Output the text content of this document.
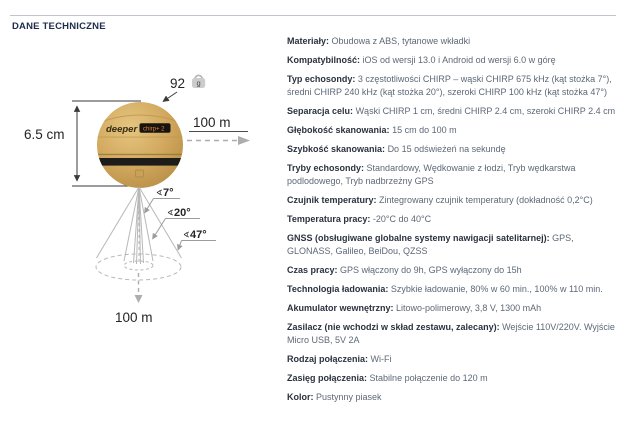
DANE TECHNICZNE
6.5 cm
92 g
deeper chirp+ 2 100 m
100 m
∢ 7°
∢ 20°
∢ 47°

Materiały: Obudowa z ABS, tytanowe wkładki

Kompatybilność: iOS od wersji 13.0 i Android od wersji 6.0 w górę

Typ echosondy: 3 częstotliwości CHIRP – wąski CHIRP 675 kHz (kąt stożka 7°), średni CHIRP 240 kHz (kąt stożka 20°), szeroki CHIRP 100 kHz (kąt stożka 47°)

Separacja celu: Wąski CHIRP 1 cm, średni CHIRP 2.4 cm, szeroki CHIRP 2.4 cm

Głębokość skanowania: 15 cm do 100 m

Szybkość skanowania: Do 15 odświeżeń na sekundę

Tryby echosondy: Standardowy, Wędkowanie z łodzi, Tryb wędkarstwa podlodowego, Tryb nadbrzeżny GPS

Czujnik temperatury: Zintegrowany czujnik temperatury (dokładność 0,2°C)

Temperatura pracy: -20°C do 40°C

GNSS (obsługiwane globalne systemy nawigacji satelitarnej): GPS, GLONASS, Galileo, BeiDou, QZSS

Czas pracy: GPS włączony do 9h, GPS wyłączony do 15h

Technologia ładowania: Szybkie ładowanie, 80% w 60 min., 100% w 110 min.

Akumulator wewnętrzny: Litowo-polimerowy, 3,8 V, 1300 mAh

Zasilacz (nie wchodzi w skład zestawu, zalecany): Wejście 110V/220V. Wyjście Micro USB, 5V 2A

Rodzaj połączenia: Wi-Fi

Zasięg połączenia: Stabilne połączenie do 120 m

Kolor: Pustynny piasek
